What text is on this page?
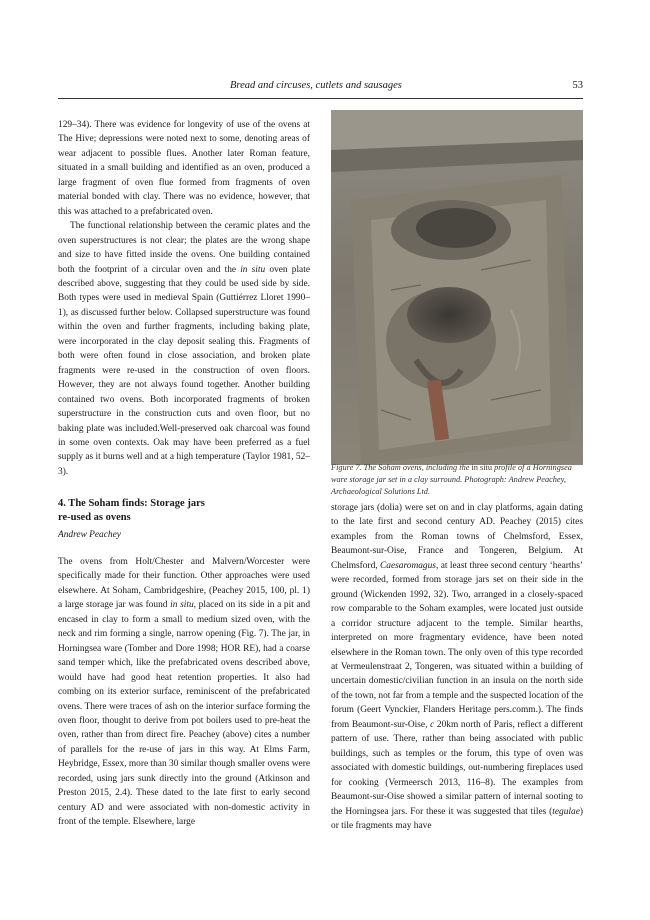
Bread and circuses, cutlets and sausages	53

129–34). There was evidence for longevity of use of the ovens at The Hive; depressions were noted next to some, denoting areas of wear adjacent to possible flues. Another later Roman feature, situated in a small building and identified as an oven, produced a large fragment of oven flue formed from fragments of oven material bonded with clay. There was no evidence, however, that this was attached to a prefabricated oven.

The functional relationship between the ceramic plates and the oven superstructures is not clear; the plates are the wrong shape and size to have fitted inside the ovens. One building contained both the footprint of a circular oven and the in situ oven plate described above, suggesting that they could be used side by side. Both types were used in medieval Spain (Guttiérrez Lloret 1990–1), as discussed further below. Collapsed superstructure was found within the oven and further fragments, including baking plate, were incorporated in the clay deposit sealing this. Fragments of both were often found in close association, and broken plate fragments were re-used in the construction of oven floors. However, they are not always found together. Another building contained two ovens. Both incorporated fragments of broken superstructure in the construction cuts and oven floor, but no baking plate was included.Well-preserved oak charcoal was found in some oven contexts. Oak may have been preferred as a fuel supply as it burns well and at a high temperature (Taylor 1981, 52–3).

4. The Soham finds: Storage jars
re-used as ovens

Andrew Peachey

The ovens from Holt/Chester and Malvern/Worcester were specifically made for their function. Other approaches were used elsewhere. At Soham, Cambridgeshire, (Peachey 2015, 100, pl. 1) a large storage jar was found in situ, placed on its side in a pit and encased in clay to form a small to medium sized oven, with the neck and rim forming a single, narrow opening (Fig. 7). The jar, in Horningsea ware (Tomber and Dore 1998; HOR RE), had a coarse sand temper which, like the prefabricated ovens described above, would have had good heat retention properties. It also had combing on its exterior surface, reminiscent of the prefabricated ovens. There were traces of ash on the interior surface forming the oven floor, thought to derive from pot boilers used to pre-heat the oven, rather than from direct fire. Peachey (above) cites a number of parallels for the re-use of jars in this way. At Elms Farm, Heybridge, Essex, more than 30 similar though smaller ovens were recorded, using jars sunk directly into the ground (Atkinson and Preston 2015, 2.4). These dated to the late first to early second century AD and were associated with non-domestic activity in front of the temple. Elsewhere, large

Figure 7. The Soham ovens, including the in situ profile of a Horningsea ware storage jar set in a clay surround. Photograph: Andrew Peachey, Archaeological Solutions Ltd.

storage jars (dolia) were set on and in clay platforms, again dating to the late first and second century AD. Peachey (2015) cites examples from the Roman towns of Chelmsford, Essex, Beaumont-sur-Oise, France and Tongeren, Belgium. At Chelmsford, Caesaromagus, at least three second century ‘hearths’ were recorded, formed from storage jars set on their side in the ground (Wickenden 1992, 32). Two, arranged in a closely-spaced row comparable to the Soham examples, were located just outside a corridor structure adjacent to the temple. Similar hearths, interpreted on more fragmentary evidence, have been noted elsewhere in the Roman town. The only oven of this type recorded at Vermeulenstraat 2, Tongeren, was situated within a building of uncertain domestic/civilian function in an insula on the north side of the town, not far from a temple and the suspected location of the forum (Geert Vynckier, Flanders Heritage pers.comm.). The finds from Beaumont-sur-Oise, c 20km north of Paris, reflect a different pattern of use. There, rather than being associated with public buildings, such as temples or the forum, this type of oven was associated with domestic buildings, out-numbering fireplaces used for cooking (Vermeersch 2013, 116–8). The examples from Beaumont-sur-Oise showed a similar pattern of internal sooting to the Horningsea jars. For these it was suggested that tiles (tegulae) or tile fragments may have
